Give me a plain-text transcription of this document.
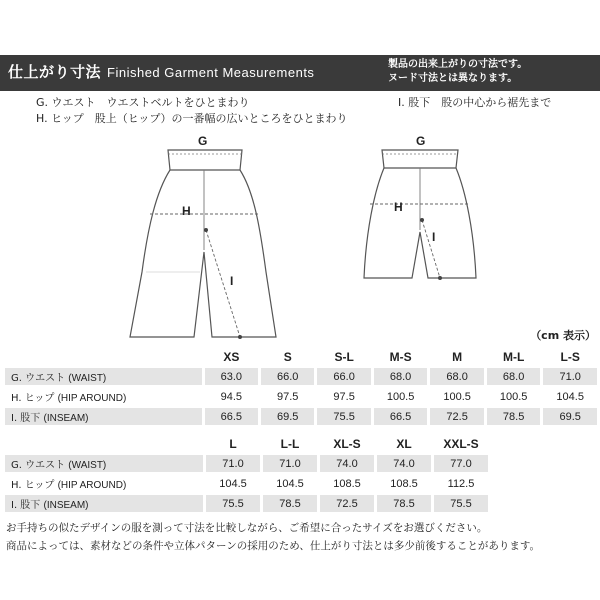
仕上がり寸法 Finished Garment Measurements
製品の出来上がりの寸法です。
ヌード寸法とは異なります。
G. ウエスト　ウエストベルトをひとまわり
H. ヒップ　股上（ヒップ）の一番幅の広いところをひとまわり
I. 股下　股の中心から裾先まで
G
H
I
G
H
I
（cm 表示）
	XS	S	S-L	M-S	M	M-L	L-S
G. ウエスト (WAIST)	63.0	66.0	66.0	68.0	68.0	68.0	71.0
H. ヒップ (HIP AROUND)	94.5	97.5	97.5	100.5	100.5	100.5	104.5
I. 股下 (INSEAM)	66.5	69.5	75.5	66.5	72.5	78.5	69.5
	L	L-L	XL-S	XL	XXL-S
G. ウエスト (WAIST)	71.0	71.0	74.0	74.0	77.0
H. ヒップ (HIP AROUND)	104.5	104.5	108.5	108.5	112.5
I. 股下 (INSEAM)	75.5	78.5	72.5	78.5	75.5
お手持ちの似たデザインの服を測って寸法を比較しながら、ご希望に合ったサイズをお選びください。
商品によっては、素材などの条件や立体パターンの採用のため、仕上がり寸法とは多少前後することがあります。
